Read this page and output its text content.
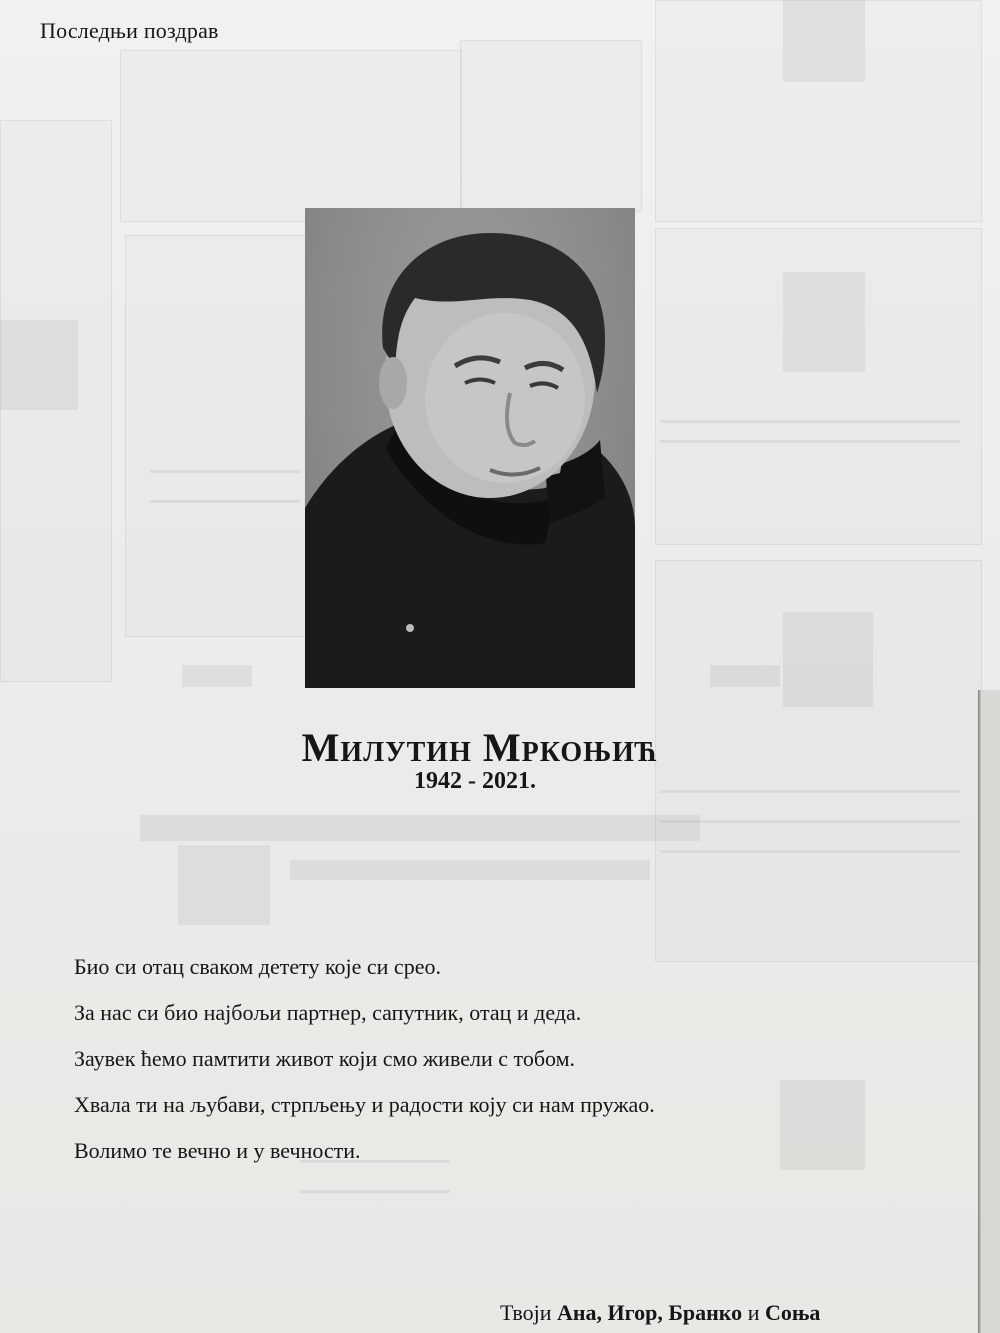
Последњи поздрав
Милутин Мркоњић
1942 - 2021.
Био си отац сваком детету које си срео.
За нас си био најбољи партнер, сапутник, отац и деда.
Заувек ћемо памтити живот који смо живели с тобом.
Хвала ти на љубави, стрпљењу и радости коју си нам пружао.
Волимо те вечно и у вечности.
Твоји Ана, Игор, Бранко и Соња
